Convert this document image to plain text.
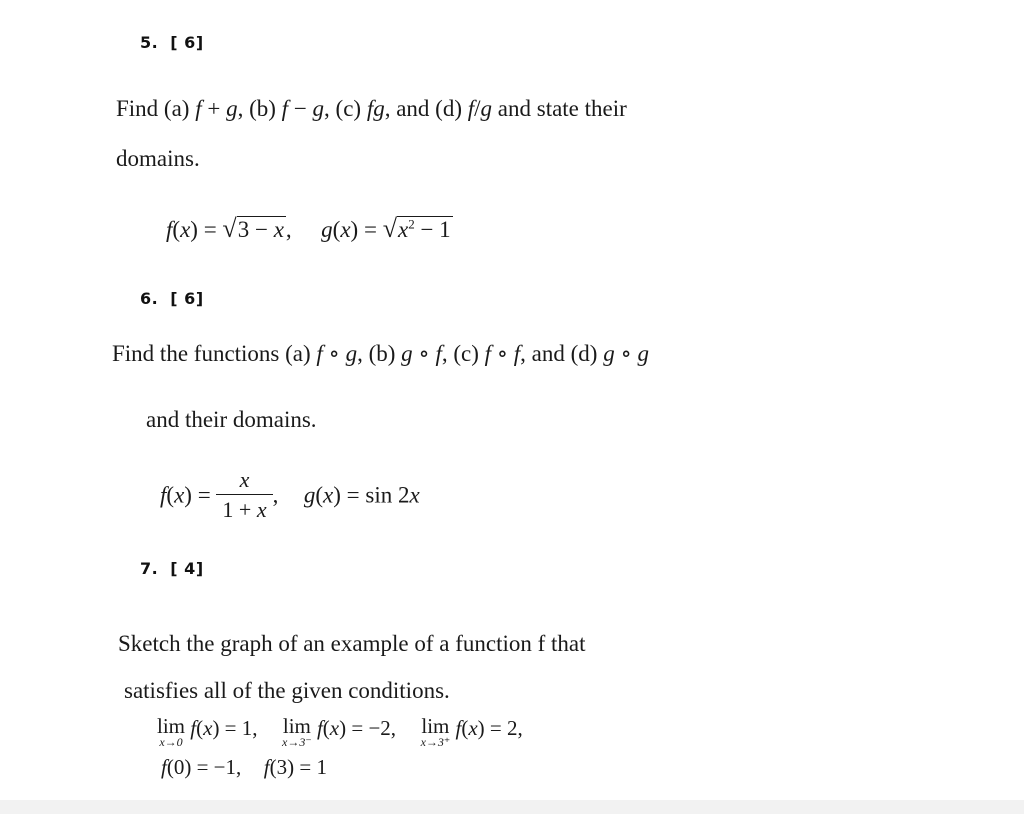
5. [ 6]
Find (a) f + g, (b) f − g, (c) fg, and (d) f/g and state their
domains.
f(x) = √3 − x,  $g(x) = √x^2 - 1$
6. [ 6]
Find the functions (a) f ∘ g, (b) g ∘ f, (c) f ∘ f, and (d) g ∘ g
and their domains.
$f(x) = \frac{x}{1 + x}$ , g(x) = sin 2x
7. [ 4]
Sketch the graph of an example of a function f that
satisfies all of the given conditions.
lim
x→0
f(x) = 1, lim
x→3⁻
f(x) = −2, lim
x→3⁺
f(x) = 2,
f(0) = −1,  f(3) = 1
